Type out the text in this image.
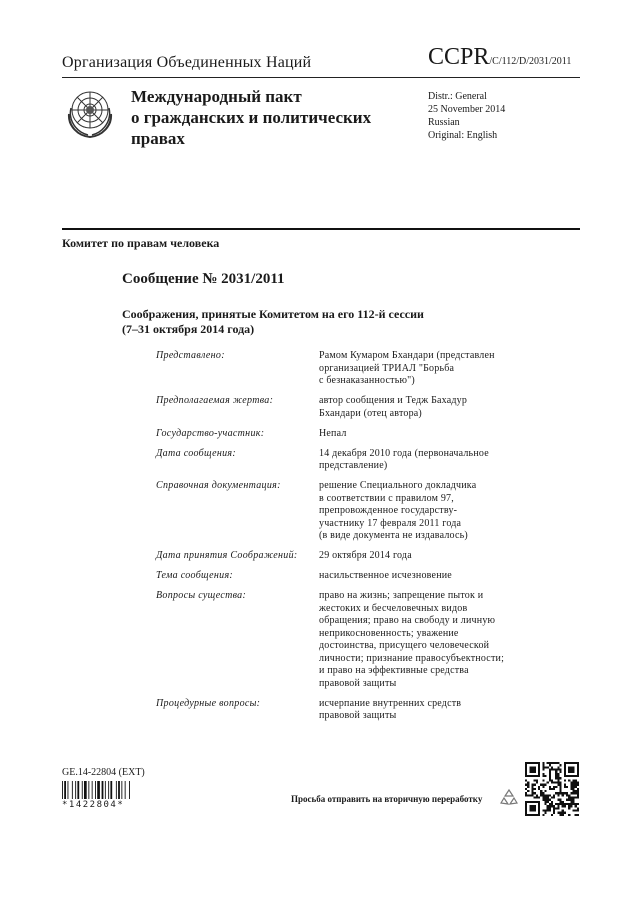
Организация Объединенных Наций	CCPR/C/112/D/2031/2011
Международный пакт
о гражданских и политических
правах
Distr.: General
25 November 2014
Russian
Original: English
Комитет по правам человека
Сообщение № 2031/2011
Соображения, принятые Комитетом на его 112-й сессии
(7–31 октября 2014 года)
Представлено:	Рамом Кумаром Бхандари (представлен
организацией ТРИАЛ "Борьба
с безнаказанностью")
Предполагаемая жертва:	автор сообщения и Тедж Бахадур
Бхандари (отец автора)
Государство-участник:	Непал
Дата сообщения:	14 декабря 2010 года (первоначальное
представление)
Справочная документация:	решение Специального докладчика
в соответствии с правилом 97,
препровожденное государству-
участнику 17 февраля 2011 года
(в виде документа не издавалось)
Дата принятия Соображений:	29 октября 2014 года
Тема сообщения:	насильственное исчезновение
Вопросы существа:	право на жизнь; запрещение пыток и
жестоких и бесчеловечных видов
обращения; право на свободу и личную
неприкосновенность; уважение
достоинства, присущего человеческой
личности; признание правосубъектности;
и право на эффективные средства
правовой защиты
Процедурные вопросы:	исчерпание внутренних средств
правовой защиты
GE.14-22804 (EXT)
*1422804*
Просьба отправить на вторичную переработку
